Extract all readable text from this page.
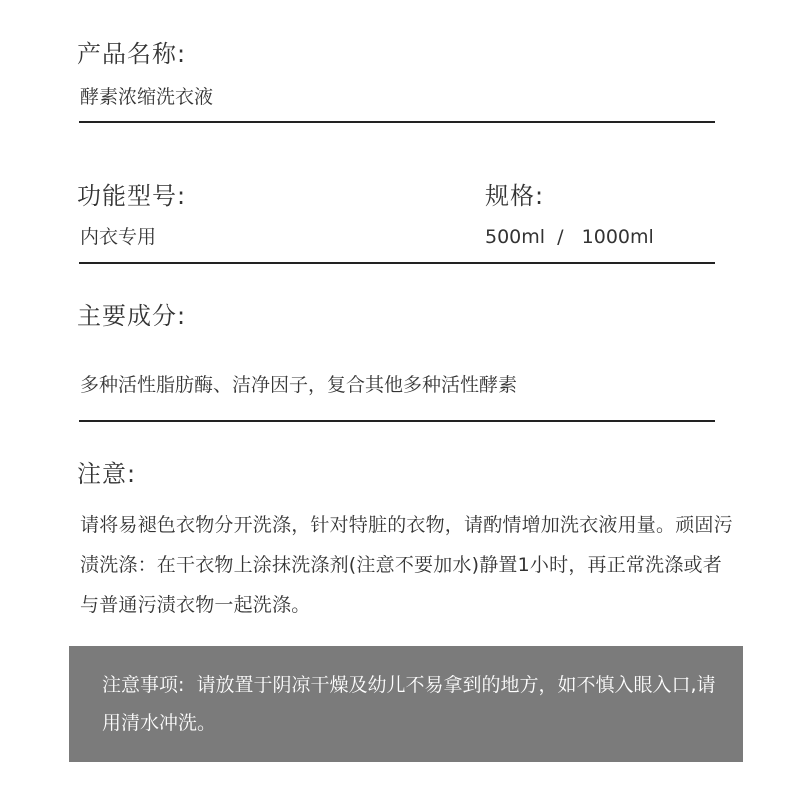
产品名称:
酵素浓缩洗衣液
功能型号:
内衣专用
规格:
500ml  /   1000ml
主要成分:
多种活性脂肪酶、洁净因子，复合其他多种活性酵素
注意:
请将易褪色衣物分开洗涤，针对特脏的衣物，请酌情增加洗衣液用量。顽固污渍洗涤：在干衣物上涂抹洗涤剂(注意不要加水)静置1小时，再正常洗涤或者与普通污渍衣物一起洗涤。
注意事项:  请放置于阴凉干燥及幼儿不易拿到的地方，如不慎入眼入口,请用清水冲洗。
